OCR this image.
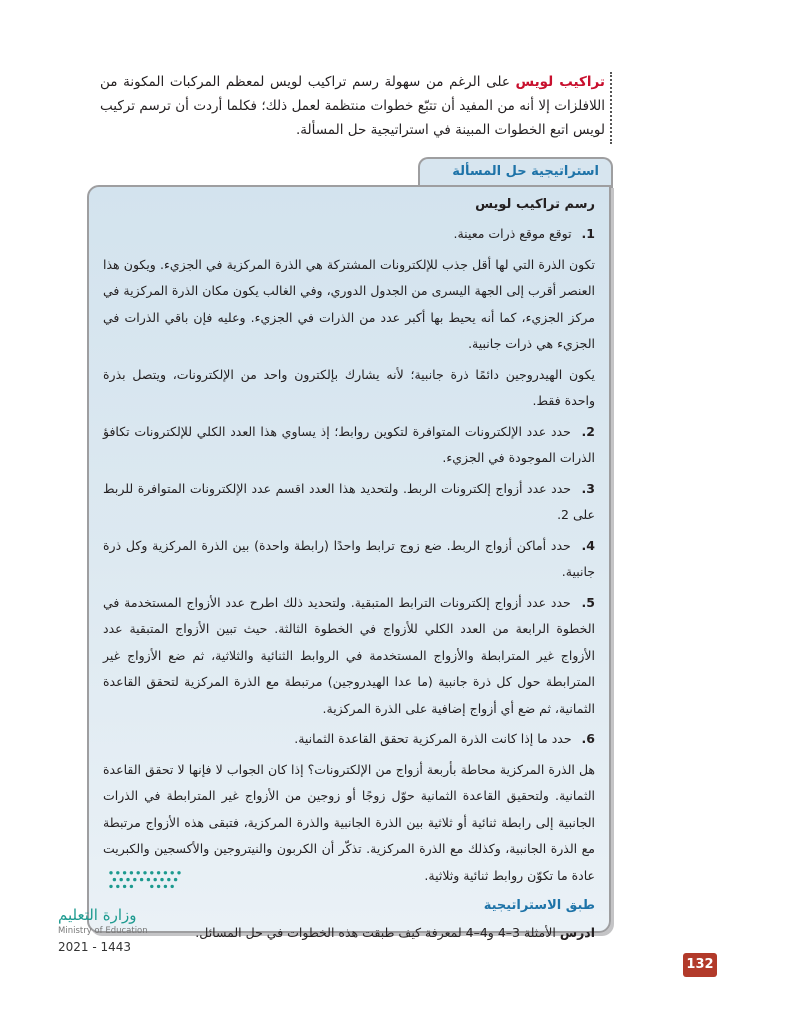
تراكيب لويس على الرغم من سهولة رسم تراكيب لويس لمعظم المركبات المكونة من اللافلزات إلا أنه من المفيد أن تتبّع خطوات منتظمة لعمل ذلك؛ فكلما أردت أن ترسم تركيب لويس اتبع الخطوات المبينة في استراتيجية حل المسألة.
استراتيجية حل المسألة
رسم تراكيب لويس
1. توقع موقع ذرات معينة.

تكون الذرة التي لها أقل جذب للإلكترونات المشتركة هي الذرة المركزية في الجزيء. ويكون هذا العنصر أقرب إلى الجهة اليسرى من الجدول الدوري، وفي الغالب يكون مكان الذرة المركزية في مركز الجزيء، كما أنه يحيط بها أكبر عدد من الذرات في الجزيء. وعليه فإن باقي الذرات في الجزيء هي ذرات جانبية.

يكون الهيدروجين دائمًا ذرة جانبية؛ لأنه يشارك بإلكترون واحد من الإلكترونات، ويتصل بذرة واحدة فقط.

2. حدد عدد الإلكترونات المتوافرة لتكوين روابط؛ إذ يساوي هذا العدد الكلي للإلكترونات تكافؤ الذرات الموجودة في الجزيء.
3. حدد عدد أزواج إلكترونات الربط. ولتحديد هذا العدد اقسم عدد الإلكترونات المتوافرة للربط على 2.
4. حدد أماكن أزواج الربط. ضع زوج ترابط واحدًا (رابطة واحدة) بين الذرة المركزية وكل ذرة جانبية.
5. حدد عدد أزواج إلكترونات الترابط المتبقية. ولتحديد ذلك اطرح عدد الأزواج المستخدمة في الخطوة الرابعة من العدد الكلي للأزواج في الخطوة الثالثة. حيث تبين الأزواج المتبقية عدد الأزواج غير المترابطة والأزواج المستخدمة في الروابط الثنائية والثلاثية، ثم ضع الأزواج غير المترابطة حول كل ذرة جانبية (ما عدا الهيدروجين) مرتبطة مع الذرة المركزية لتحقق القاعدة الثمانية، ثم ضع أي أزواج إضافية على الذرة المركزية.
6. حدد ما إذا كانت الذرة المركزية تحقق القاعدة الثمانية.

هل الذرة المركزية محاطة بأربعة أزواج من الإلكترونات؟ إذا كان الجواب لا فإنها لا تحقق القاعدة الثمانية. ولتحقيق القاعدة الثمانية حوّل زوجًا أو زوجين من الأزواج غير المترابطة في الذرات الجانبية إلى رابطة ثنائية أو ثلاثية بين الذرة الجانبية والذرة المركزية، فتبقى هذه الأزواج مرتبطة مع الذرة الجانبية، وكذلك مع الذرة المركزية. تذكّر أن الكربون والنيتروجين والأكسجين والكبريت عادة ما تكوّن روابط ثنائية وثلاثية.

طبق الاستراتيجية
ادرس الأمثلة 3–4 و4–4 لمعرفة كيف طبقت هذه الخطوات في حل المسائل.
وزارة التعليم
Ministry of Education
2021 - 1443
132
